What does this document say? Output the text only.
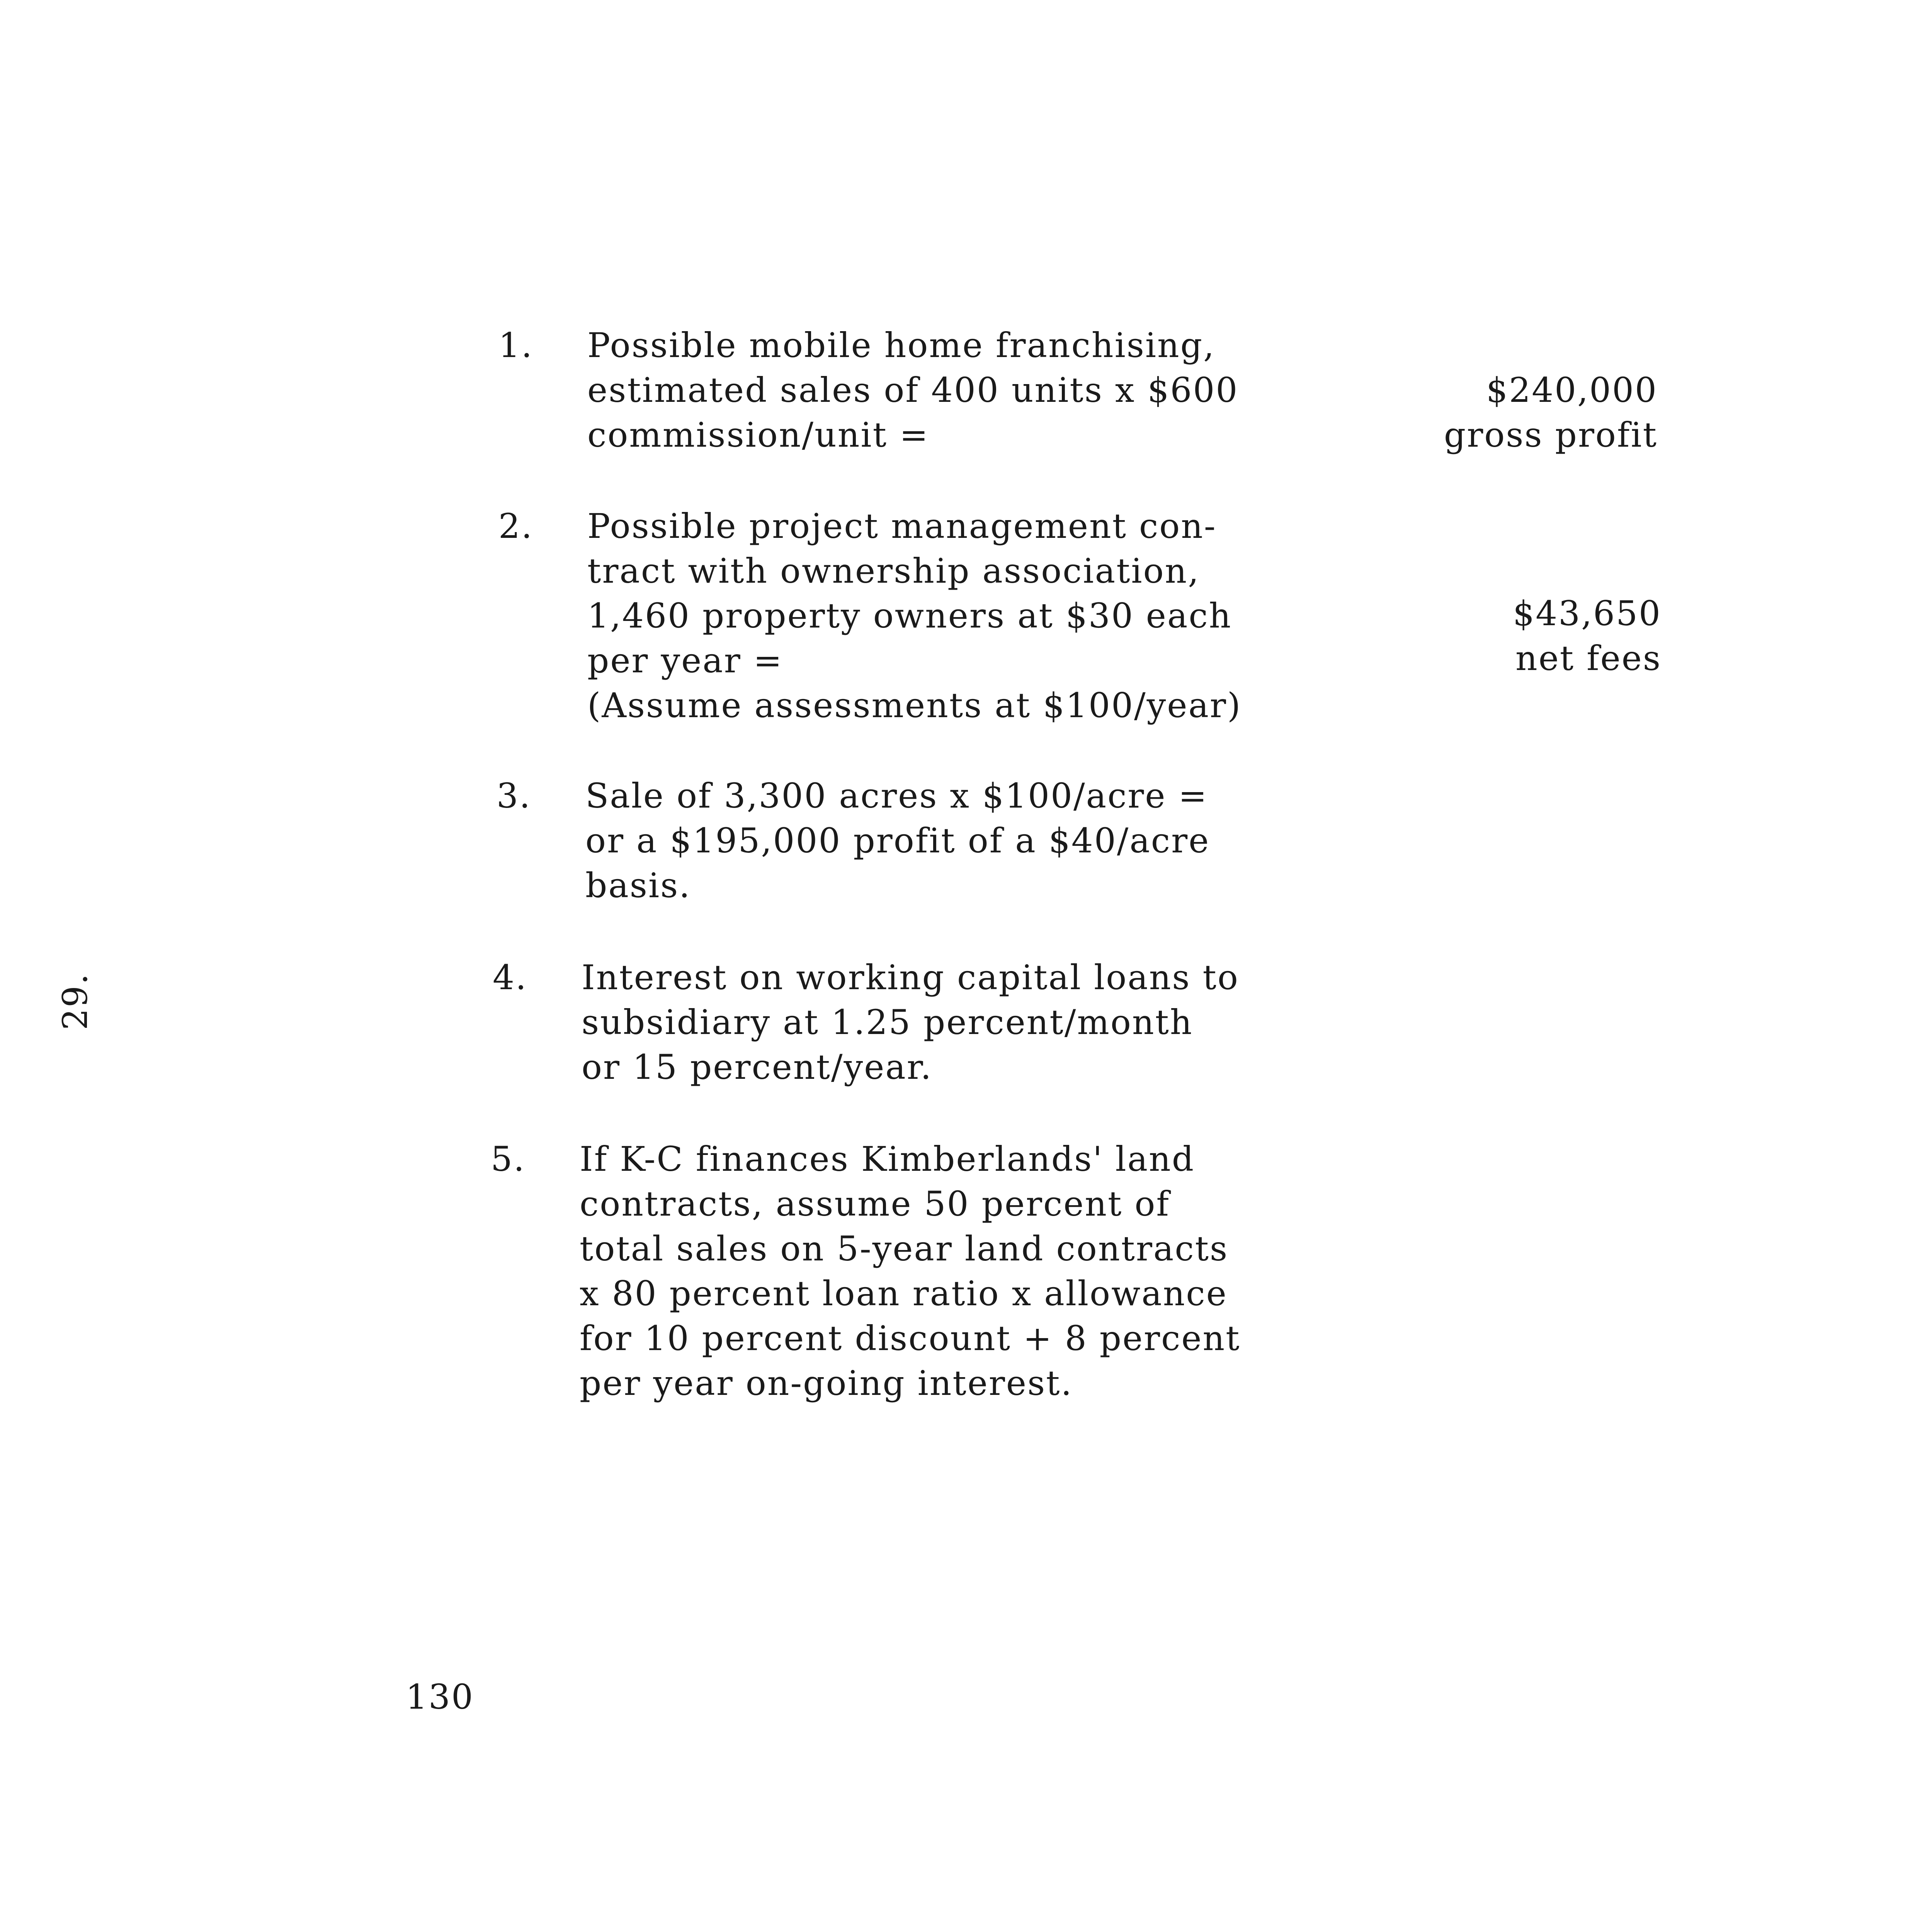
1. Possible mobile home franchising,
estimated sales of 400 units x $600
commission/unit =
$240,000
gross profit
2. Possible project management con-
tract with ownership association,
1,460 property owners at $30 each
per year =
(Assume assessments at $100/year)
$43,650
net fees
3. Sale of 3,300 acres x $100/acre =
or a $195,000 profit of a $40/acre
basis.
4. Interest on working capital loans to
subsidiary at 1.25 percent/month
or 15 percent/year.
5. If K-C finances Kimberlands' land
contracts, assume 50 percent of
total sales on 5-year land contracts
x 80 percent loan ratio x allowance
for 10 percent discount + 8 percent
per year on-going interest.
29.
130
